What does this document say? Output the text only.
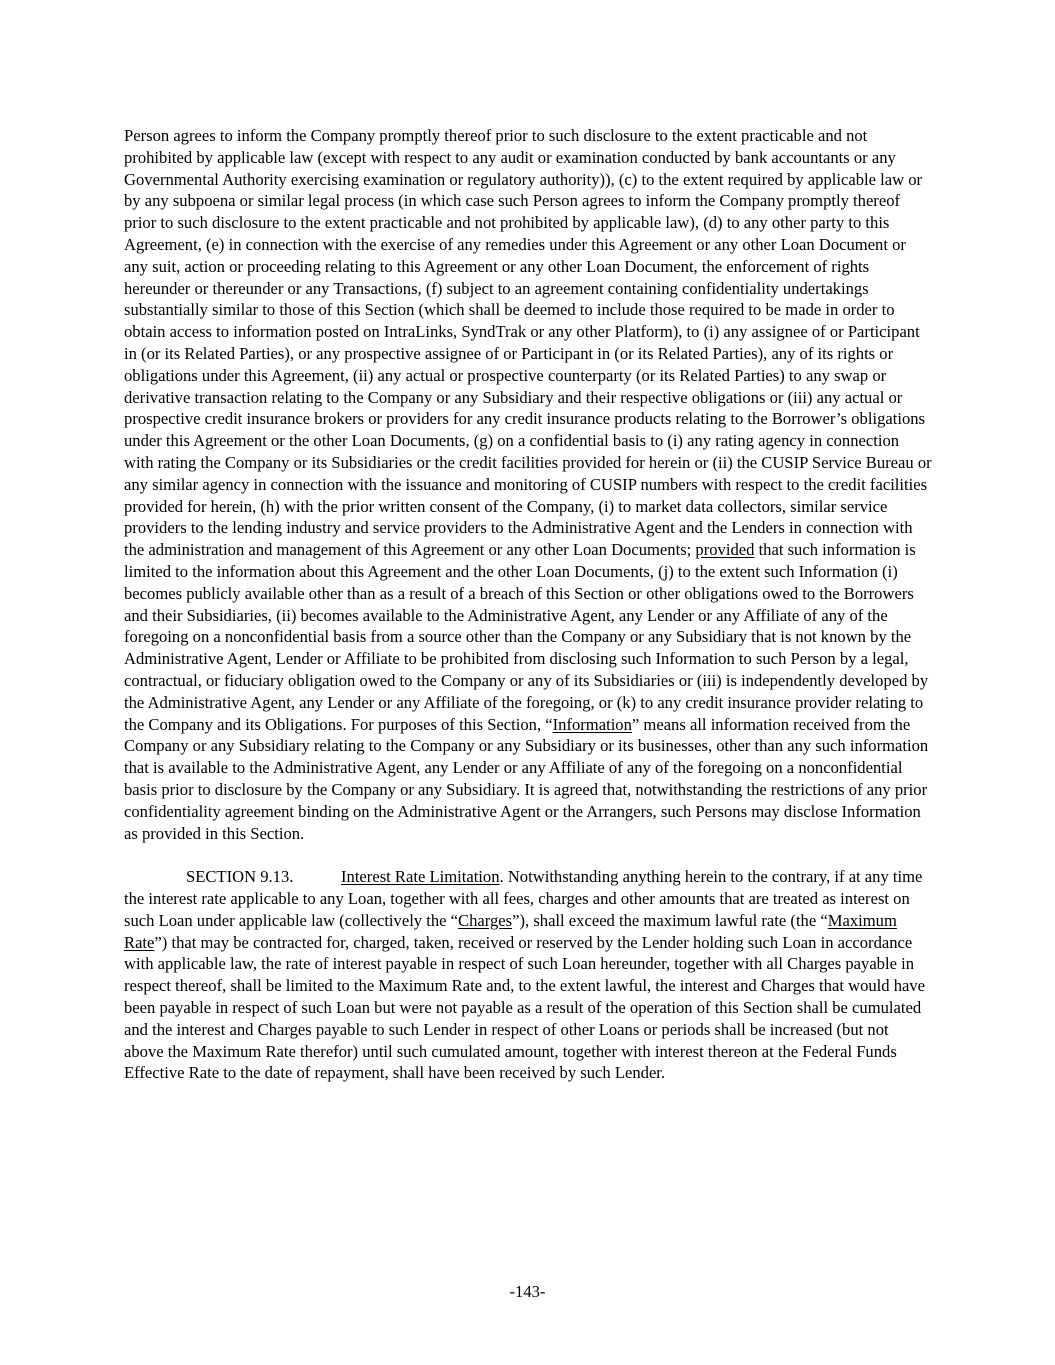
Person agrees to inform the Company promptly thereof prior to such disclosure to the extent practicable and not prohibited by applicable law (except with respect to any audit or examination conducted by bank accountants or any Governmental Authority exercising examination or regulatory authority)), (c) to the extent required by applicable law or by any subpoena or similar legal process (in which case such Person agrees to inform the Company promptly thereof prior to such disclosure to the extent practicable and not prohibited by applicable law), (d) to any other party to this Agreement, (e) in connection with the exercise of any remedies under this Agreement or any other Loan Document or any suit, action or proceeding relating to this Agreement or any other Loan Document, the enforcement of rights hereunder or thereunder or any Transactions, (f) subject to an agreement containing confidentiality undertakings substantially similar to those of this Section (which shall be deemed to include those required to be made in order to obtain access to information posted on IntraLinks, SyndTrak or any other Platform), to (i) any assignee of or Participant in (or its Related Parties), or any prospective assignee of or Participant in (or its Related Parties), any of its rights or obligations under this Agreement, (ii) any actual or prospective counterparty (or its Related Parties) to any swap or derivative transaction relating to the Company or any Subsidiary and their respective obligations or (iii) any actual or prospective credit insurance brokers or providers for any credit insurance products relating to the Borrower’s obligations under this Agreement or the other Loan Documents, (g) on a confidential basis to (i) any rating agency in connection with rating the Company or its Subsidiaries or the credit facilities provided for herein or (ii) the CUSIP Service Bureau or any similar agency in connection with the issuance and monitoring of CUSIP numbers with respect to the credit facilities provided for herein, (h) with the prior written consent of the Company, (i) to market data collectors, similar service providers to the lending industry and service providers to the Administrative Agent and the Lenders in connection with the administration and management of this Agreement or any other Loan Documents; provided that such information is limited to the information about this Agreement and the other Loan Documents, (j) to the extent such Information (i) becomes publicly available other than as a result of a breach of this Section or other obligations owed to the Borrowers and their Subsidiaries, (ii) becomes available to the Administrative Agent, any Lender or any Affiliate of any of the foregoing on a nonconfidential basis from a source other than the Company or any Subsidiary that is not known by the Administrative Agent, Lender or Affiliate to be prohibited from disclosing such Information to such Person by a legal, contractual, or fiduciary obligation owed to the Company or any of its Subsidiaries or (iii) is independently developed by the Administrative Agent, any Lender or any Affiliate of the foregoing, or (k) to any credit insurance provider relating to the Company and its Obligations. For purposes of this Section, “Information” means all information received from the Company or any Subsidiary relating to the Company or any Subsidiary or its businesses, other than any such information that is available to the Administrative Agent, any Lender or any Affiliate of any of the foregoing on a nonconfidential basis prior to disclosure by the Company or any Subsidiary. It is agreed that, notwithstanding the restrictions of any prior confidentiality agreement binding on the Administrative Agent or the Arrangers, such Persons may disclose Information as provided in this Section.

SECTION 9.13.	Interest Rate Limitation. Notwithstanding anything herein to the contrary, if at any time the interest rate applicable to any Loan, together with all fees, charges and other amounts that are treated as interest on such Loan under applicable law (collectively the “Charges”), shall exceed the maximum lawful rate (the “Maximum Rate”) that may be contracted for, charged, taken, received or reserved by the Lender holding such Loan in accordance with applicable law, the rate of interest payable in respect of such Loan hereunder, together with all Charges payable in respect thereof, shall be limited to the Maximum Rate and, to the extent lawful, the interest and Charges that would have been payable in respect of such Loan but were not payable as a result of the operation of this Section shall be cumulated and the interest and Charges payable to such Lender in respect of other Loans or periods shall be increased (but not above the Maximum Rate therefor) until such cumulated amount, together with interest thereon at the Federal Funds Effective Rate to the date of repayment, shall have been received by such Lender.

-143-
